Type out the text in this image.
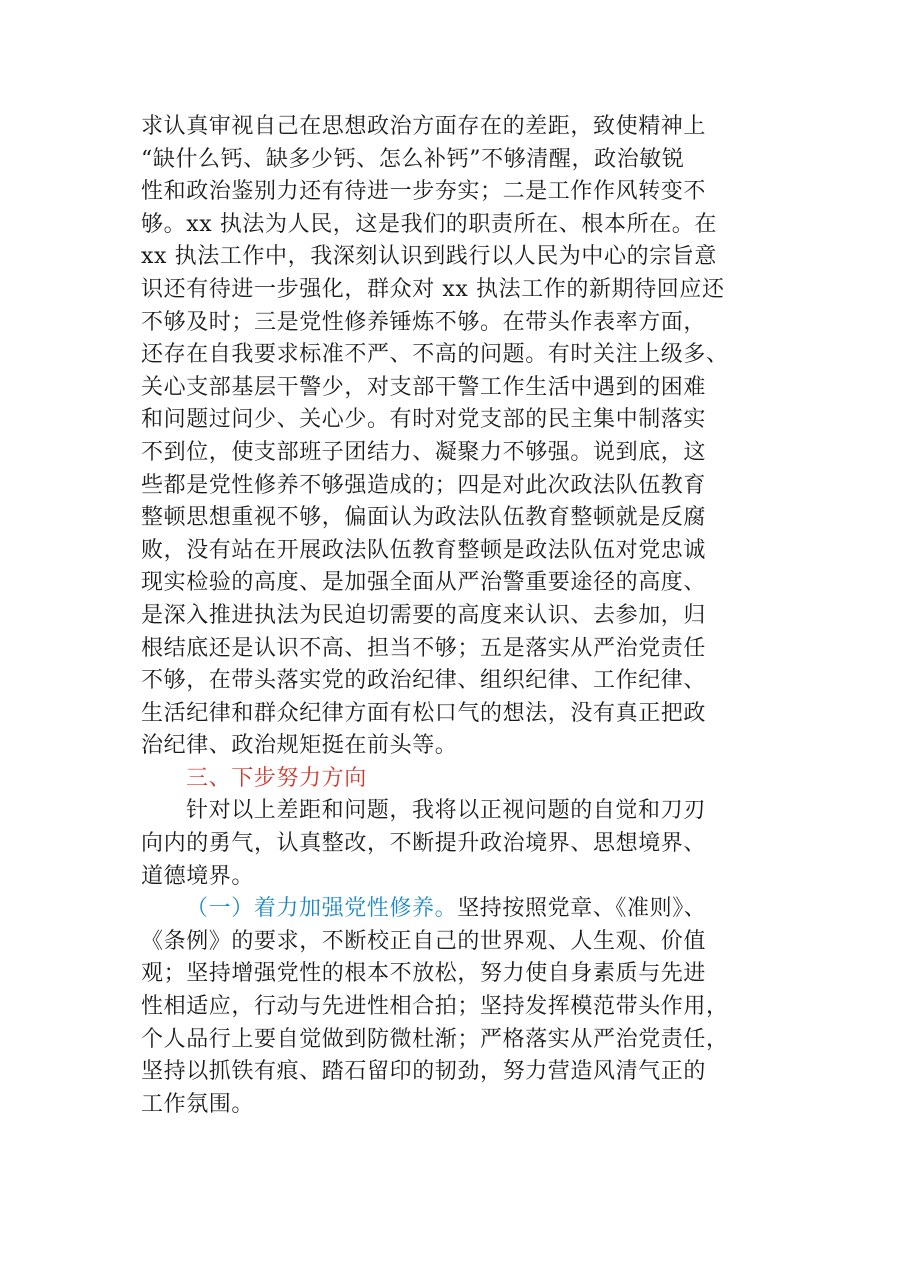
求认真审视自己在思想政治方面存在的差距，致使精神上
“缺什么钙、缺多少钙、怎么补钙”不够清醒，政治敏锐
性和政治鉴别力还有待进一步夯实；二是工作作风转变不
够。xx 执法为人民，这是我们的职责所在、根本所在。在
xx 执法工作中，我深刻认识到践行以人民为中心的宗旨意
识还有待进一步强化，群众对 xx 执法工作的新期待回应还
不够及时；三是党性修养锤炼不够。在带头作表率方面，
还存在自我要求标准不严、不高的问题。有时关注上级多、
关心支部基层干警少，对支部干警工作生活中遇到的困难
和问题过问少、关心少。有时对党支部的民主集中制落实
不到位，使支部班子团结力、凝聚力不够强。说到底，这
些都是党性修养不够强造成的；四是对此次政法队伍教育
整顿思想重视不够，偏面认为政法队伍教育整顿就是反腐
败，没有站在开展政法队伍教育整顿是政法队伍对党忠诚
现实检验的高度、是加强全面从严治警重要途径的高度、
是深入推进执法为民迫切需要的高度来认识、去参加，归
根结底还是认识不高、担当不够；五是落实从严治党责任
不够，在带头落实党的政治纪律、组织纪律、工作纪律、
生活纪律和群众纪律方面有松口气的想法，没有真正把政
治纪律、政治规矩挺在前头等。
三、下步努力方向
针对以上差距和问题，我将以正视问题的自觉和刀刃
向内的勇气，认真整改，不断提升政治境界、思想境界、
道德境界。
（一）着力加强党性修养。坚持按照党章、《准则》、
《条例》的要求，不断校正自己的世界观、人生观、价值
观；坚持增强党性的根本不放松，努力使自身素质与先进
性相适应，行动与先进性相合拍；坚持发挥模范带头作用，
个人品行上要自觉做到防微杜渐；严格落实从严治党责任，
坚持以抓铁有痕、踏石留印的韧劲，努力营造风清气正的
工作氛围。
